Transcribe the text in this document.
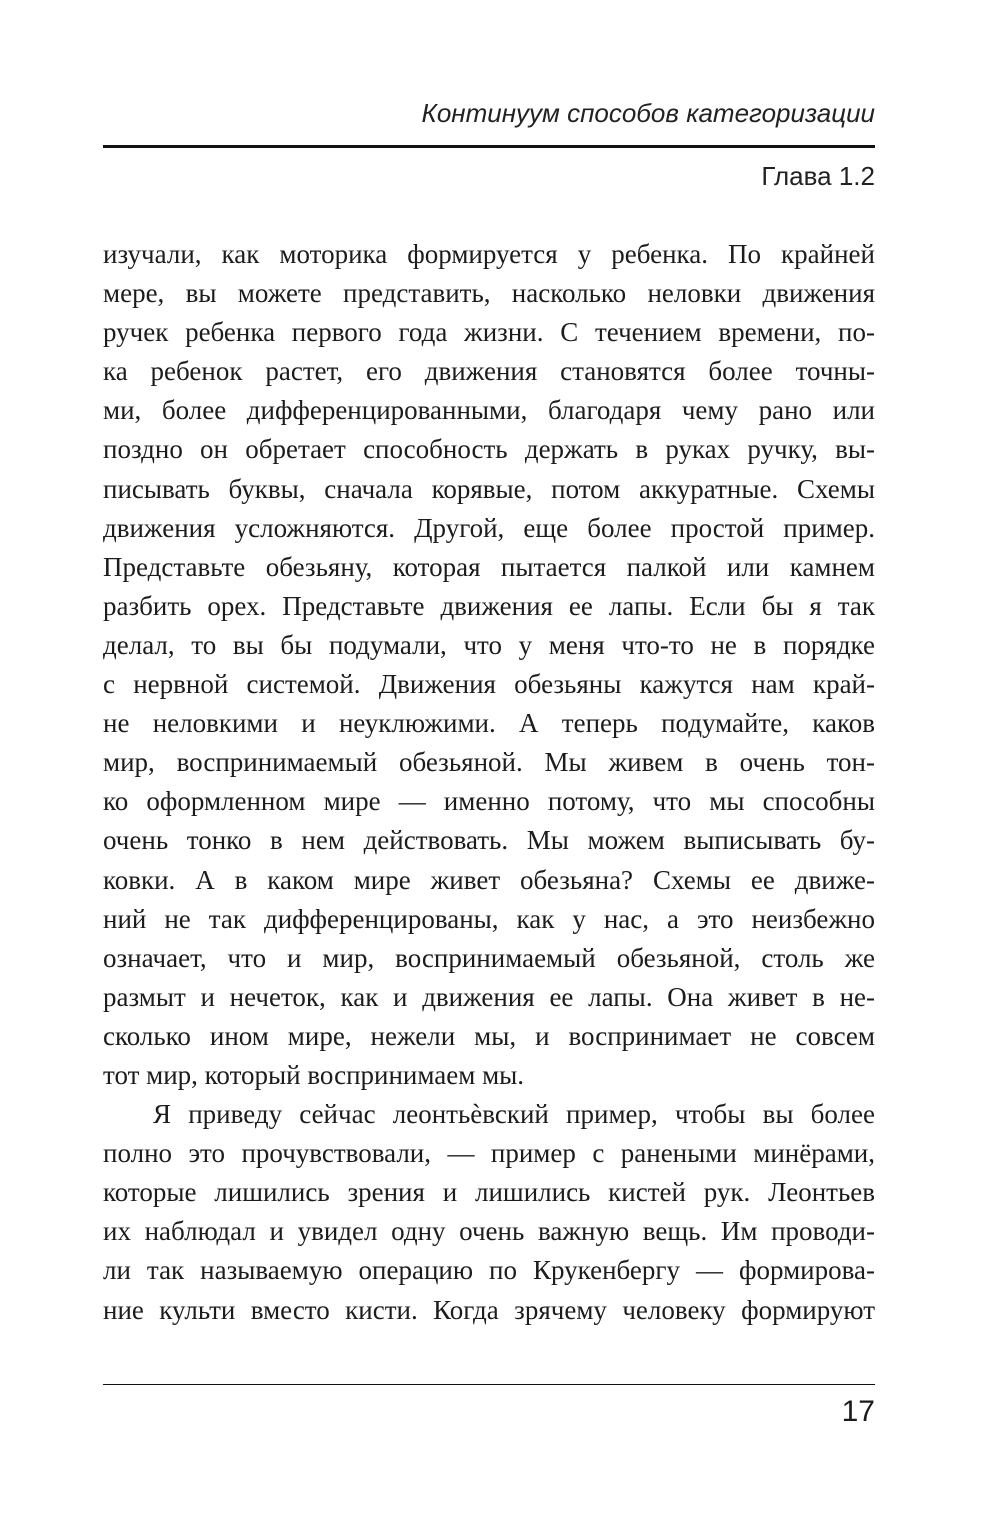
Континуум способов категоризации
Глава 1.2
изучали, как моторика формируется у ребенка. По крайней
мере, вы можете представить, насколько неловки движения
ручек ребенка первого года жизни. С течением времени, по-
ка ребенок растет, его движения становятся более точны-
ми, более дифференцированными, благодаря чему рано или
поздно он обретает способность держать в руках ручку, вы-
писывать буквы, сначала корявые, потом аккуратные. Схемы
движения усложняются. Другой, еще более простой пример.
Представьте обезьяну, которая пытается палкой или камнем
разбить орех. Представьте движения ее лапы. Если бы я так
делал, то вы бы подумали, что у меня что-то не в порядке
с нервной системой. Движения обезьяны кажутся нам край-
не неловкими и неуклюжими. А теперь подумайте, каков
мир, воспринимаемый обезьяной. Мы живем в очень тон-
ко оформленном мире — именно потому, что мы способны
очень тонко в нем действовать. Мы можем выписывать бу-
ковки. А в каком мире живет обезьяна? Схемы ее движе-
ний не так дифференцированы, как у нас, а это неизбежно
означает, что и мир, воспринимаемый обезьяной, столь же
размыт и нечеток, как и движения ее лапы. Она живет в не-
сколько ином мире, нежели мы, и воспринимает не совсем
тот мир, который воспринимаем мы.
Я приведу сейчас леонтьѐвский пример, чтобы вы более
полно это прочувствовали, — пример с ранеными минёрами,
которые лишились зрения и лишились кистей рук. Леонтьев
их наблюдал и увидел одну очень важную вещь. Им проводи-
ли так называемую операцию по Крукенбергу — формирова-
ние культи вместо кисти. Когда зрячему человеку формируют
17
